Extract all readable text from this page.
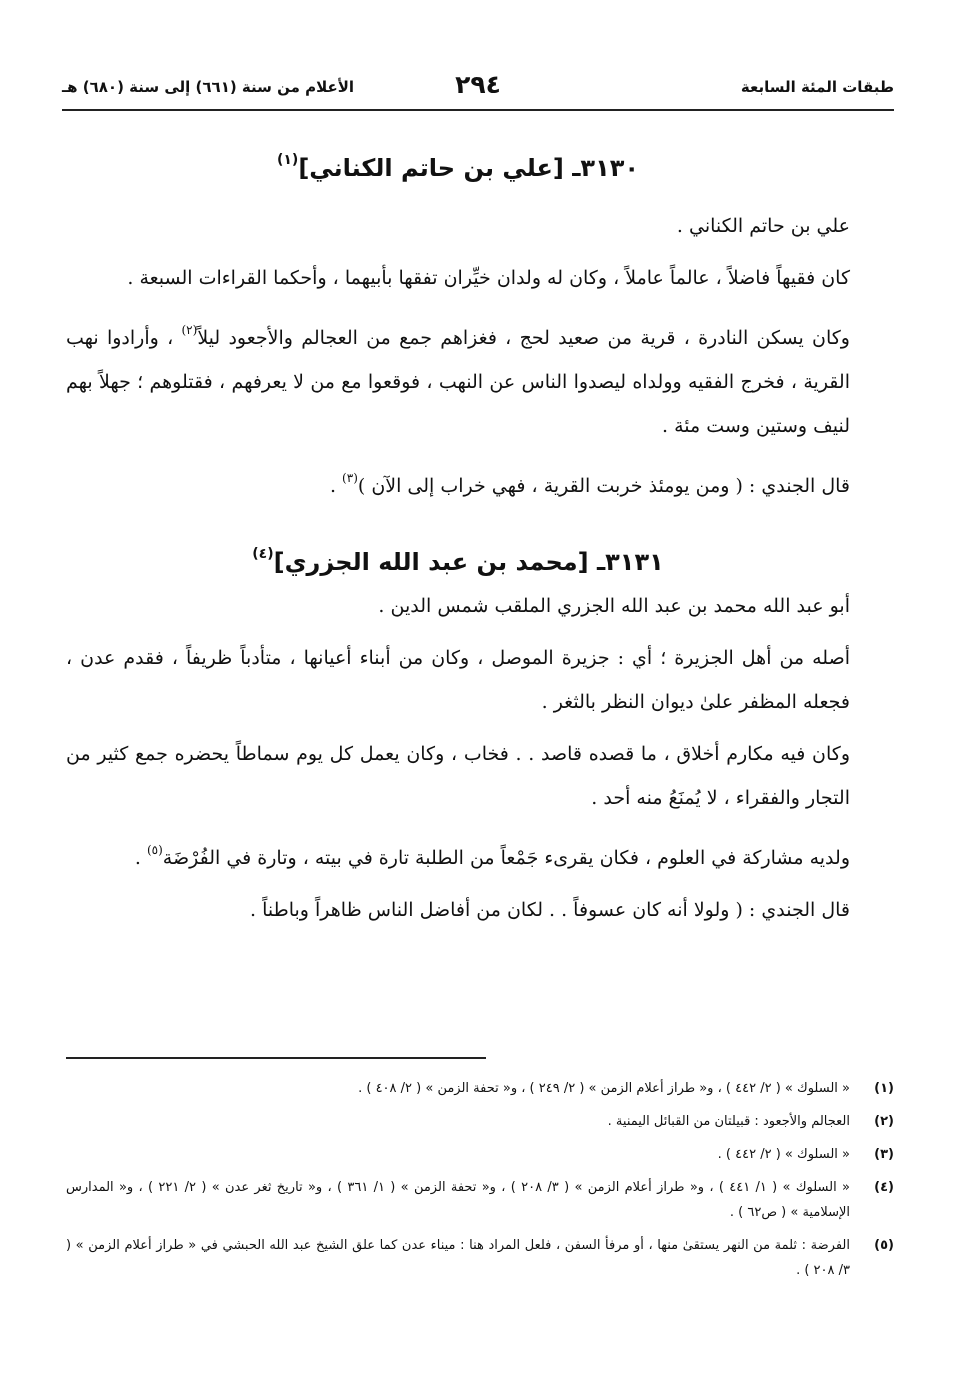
طبقات المئة السابعة
٢٩٤
الأعلام من سنة (٦٦١) إلى سنة (٦٨٠) هـ
٣١٣٠ـ [علي بن حاتم الكناني]$^{(١)}$

علي بن حاتم الكناني .

كان فقيهاً فاضلاً ، عالماً عاملاً ، وكان له ولدان خيِّران تفقها بأبيهما ، وأحكما القراءات السبعة .

وكان يسكن النادرة ، قرية من صعيد لحج ، فغزاهم جمع من العجالم والأجعود ليلاً$^{(٢)}$ ، وأرادوا نهب القرية ، فخرج الفقيه وولداه ليصدوا الناس عن النهب ، فوقعوا مع من لا يعرفهم ، فقتلوهم ؛ جهلاً بهم لنيف وستين وست مئة .

قال الجندي : ( ومن يومئذ خربت القرية ، فهي خراب إلى الآن )$^{(٣)}$ .

٣١٣١ـ [محمد بن عبد الله الجزري]$^{(٤)}$

أبو عبد الله محمد بن عبد الله الجزري الملقب شمس الدين .

أصله من أهل الجزيرة ؛ أي : جزيرة الموصل ، وكان من أبناء أعيانها ، متأدباً ظريفاً ، فقدم عدن ، فجعله المظفر علىٰ ديوان النظر بالثغر .

وكان فيه مكارم أخلاق ، ما قصده قاصد . . فخاب ، وكان يعمل كل يوم سماطاً يحضره جمع كثير من التجار والفقراء ، لا يُمنَعُ منه أحد .

ولديه مشاركة في العلوم ، فكان يقرىء جَمْعاً من الطلبة تارة في بيته ، وتارة في الفُرْضَة$^{(٥)}$ .

قال الجندي : ( ولولا أنه كان عسوفاً . . لكان من أفاضل الناس ظاهراً وباطناً .

(١)
« السلوك » ( ٢/ ٤٤٢ ) ، و« طراز أعلام الزمن » ( ٢/ ٢٤٩ ) ، و« تحفة الزمن » ( ٢/ ٤٠٨ ) .
(٢)
العجالم والأجعود : قبيلتان من القبائل اليمنية .
(٣)
« السلوك » ( ٢/ ٤٤٢ ) .
(٤)
« السلوك » ( ١/ ٤٤١ ) ، و« طراز أعلام الزمن » ( ٣/ ٢٠٨ ) ، و« تحفة الزمن » ( ١/ ٣٦١ ) ، و« تاريخ ثغر عدن » ( ٢/ ٢٢١ ) ، و« المدارس الإسلامية » ( ص٦٢ ) .
(٥)
الفرضة : ثلمة من النهر يستقىٰ منها ، أو مرفأ السفن ، فلعل المراد هنا : ميناء عدن كما علق الشيخ عبد الله الحبشي في « طراز أعلام الزمن » ( ٣/ ٢٠٨ ) .
